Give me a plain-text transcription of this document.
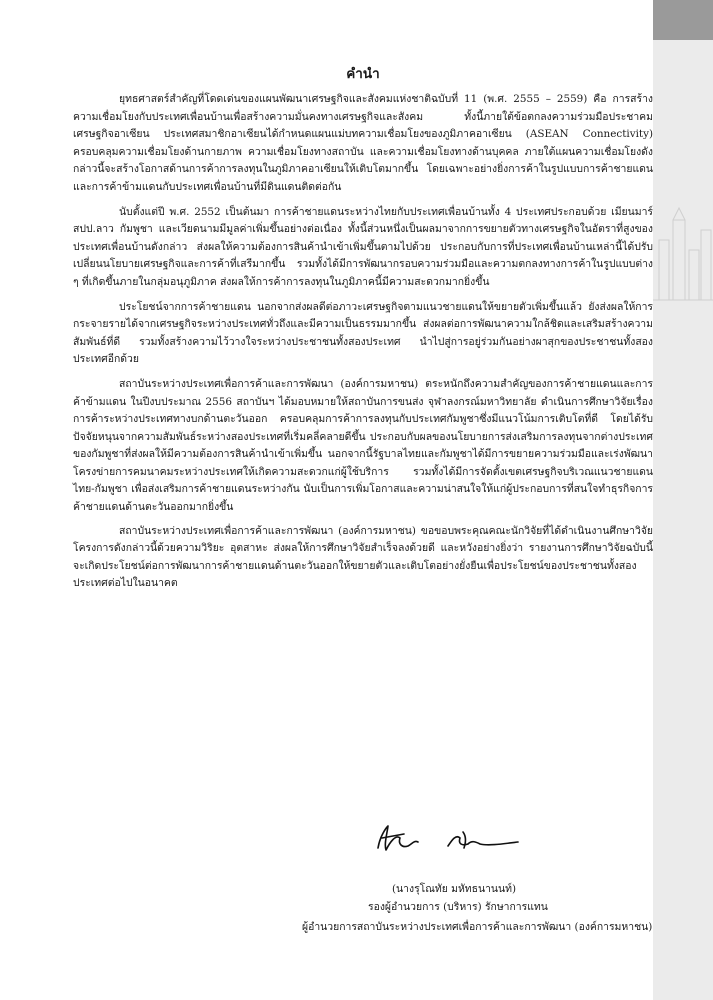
คำนำ

ยุทธศาสตร์สำคัญที่โดดเด่นของแผนพัฒนาเศรษฐกิจและสังคมแห่งชาติฉบับที่ 11 (พ.ศ. 2555 – 2559) คือ การสร้างความเชื่อมโยงกับประเทศเพื่อนบ้านเพื่อสร้างความมั่นคงทางเศรษฐกิจและสังคม ทั้งนี้ภายใต้ข้อตกลงความร่วมมือประชาคมเศรษฐกิจอาเซียน ประเทศสมาชิกอาเซียนได้กำหนดแผนแม่บทความเชื่อมโยงของภูมิภาคอาเซียน (ASEAN Connectivity) ครอบคลุมความเชื่อมโยงด้านกายภาพ ความเชื่อมโยงทางสถาบัน และความเชื่อมโยงทางด้านบุคคล ภายใต้แผนความเชื่อมโยงดังกล่าวนี้จะสร้างโอกาสด้านการค้าการลงทุนในภูมิภาคอาเซียนให้เติบโตมากขึ้น โดยเฉพาะอย่างยิ่งการค้าในรูปแบบการค้าชายแดนและการค้าข้ามแดนกับประเทศเพื่อนบ้านที่มีดินแดนติดต่อกัน

นับตั้งแต่ปี พ.ศ. 2552 เป็นต้นมา การค้าชายแดนระหว่างไทยกับประเทศเพื่อนบ้านทั้ง 4 ประเทศประกอบด้วย เมียนมาร์ สปป.ลาว กัมพูชา และเวียดนามมีมูลค่าเพิ่มขึ้นอย่างต่อเนื่อง ทั้งนี้ส่วนหนึ่งเป็นผลมาจากการขยายตัวทางเศรษฐกิจในอัตราที่สูงของประเทศเพื่อนบ้านดังกล่าว ส่งผลให้ความต้องการสินค้านำเข้าเพิ่มขึ้นตามไปด้วย ประกอบกับการที่ประเทศเพื่อนบ้านเหล่านี้ได้ปรับเปลี่ยนนโยบายเศรษฐกิจและการค้าที่เสรีมากขึ้น รวมทั้งได้มีการพัฒนากรอบความร่วมมือและความตกลงทางการค้าในรูปแบบต่าง ๆ ที่เกิดขึ้นภายในกลุ่มอนุภูมิภาค ส่งผลให้การค้าการลงทุนในภูมิภาคนี้มีความสะดวกมากยิ่งขึ้น

ประโยชน์จากการค้าชายแดน นอกจากส่งผลดีต่อภาวะเศรษฐกิจตามแนวชายแดนให้ขยายตัวเพิ่มขึ้นแล้ว ยังส่งผลให้การกระจายรายได้จากเศรษฐกิจระหว่างประเทศทั่วถึงและมีความเป็นธรรมมากขึ้น ส่งผลต่อการพัฒนาความใกล้ชิดและเสริมสร้างความสัมพันธ์ที่ดี รวมทั้งสร้างความไว้วางใจระหว่างประชาชนทั้งสองประเทศ นำไปสู่การอยู่ร่วมกันอย่างผาสุกของประชาชนทั้งสองประเทศอีกด้วย

สถาบันระหว่างประเทศเพื่อการค้าและการพัฒนา (องค์การมหาชน) ตระหนักถึงความสำคัญของการค้าชายแดนและการค้าข้ามแดน ในปีงบประมาณ 2556 สถาบันฯ ได้มอบหมายให้สถาบันการขนส่ง จุฬาลงกรณ์มหาวิทยาลัย ดำเนินการศึกษาวิจัยเรื่อง การค้าระหว่างประเทศทางบกด้านตะวันออก ครอบคลุมการค้าการลงทุนกับประเทศกัมพูชาซึ่งมีแนวโน้มการเติบโตที่ดี โดยได้รับปัจจัยหนุนจากความสัมพันธ์ระหว่างสองประเทศที่เริ่มคลี่คลายดีขึ้น ประกอบกับผลของนโยบายการส่งเสริมการลงทุนจากต่างประเทศของกัมพูชาที่ส่งผลให้มีความต้องการสินค้านำเข้าเพิ่มขึ้น นอกจากนี้รัฐบาลไทยและกัมพูชาได้มีการขยายความร่วมมือและเร่งพัฒนาโครงข่ายการคมนาคมระหว่างประเทศให้เกิดความสะดวกแก่ผู้ใช้บริการ รวมทั้งได้มีการจัดตั้งเขตเศรษฐกิจบริเวณแนวชายแดนไทย-กัมพูชา เพื่อส่งเสริมการค้าชายแดนระหว่างกัน นับเป็นการเพิ่มโอกาสและความน่าสนใจให้แก่ผู้ประกอบการที่สนใจทำธุรกิจการค้าชายแดนด้านตะวันออกมากยิ่งขึ้น

สถาบันระหว่างประเทศเพื่อการค้าและการพัฒนา (องค์การมหาชน) ขอขอบพระคุณคณะนักวิจัยที่ได้ดำเนินงานศึกษาวิจัยโครงการดังกล่าวนี้ด้วยความวิริยะ อุตสาหะ ส่งผลให้การศึกษาวิจัยสำเร็จลงด้วยดี และหวังอย่างยิ่งว่า รายงานการศึกษาวิจัยฉบับนี้จะเกิดประโยชน์ต่อการพัฒนาการค้าชายแดนด้านตะวันออกให้ขยายตัวและเติบโตอย่างยั่งยืนเพื่อประโยชน์ของประชาชนทั้งสองประเทศต่อไปในอนาคต

(นางรุโณทัย มหัทธนานนท์)
รองผู้อำนวยการ (บริหาร) รักษาการแทน
ผู้อำนวยการสถาบันระหว่างประเทศเพื่อการค้าและการพัฒนา (องค์การมหาชน)
